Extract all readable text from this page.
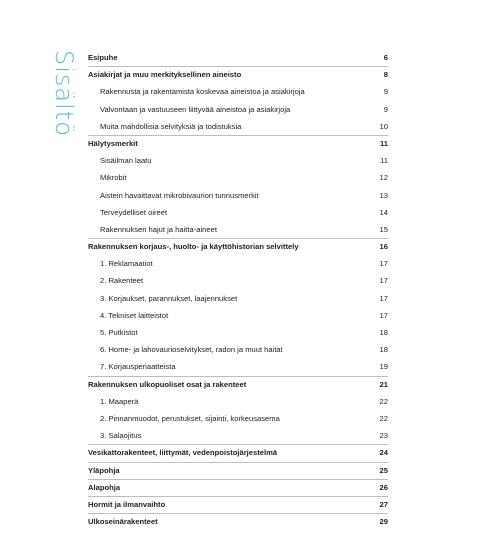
Sisältö Esipuhe	6
Asiakirjat ja muu merkityksellinen aineisto	8
Rakennusta ja rakentamista koskevaa aineistoa ja asiakirjoja	9
Valvontaan ja vastuuseen liittyvää aineistoa ja asiakirjoja	9
Muita mahdollisia selvityksiä ja todistuksia	10
Hälytysmerkit	11
Sisäilman laatu	11
Mikrobit	12
Aistein havaittavat mikrobivaurion tunnusmerkit	13
Terveydelliset oireet	14
Rakennuksen hajut ja haitta-aineet	15
Rakennuksen korjaus-, huolto- ja käyttöhistorian selvittely	16
1. Reklamaatiot	17
2. Rakenteet	17
3. Korjaukset, parannukset, laajennukset	17
4. Tekniset laitteistot	17
5. Putkistot	18
6. Home- ja lahovaurioselvitykset, radon ja muut haitat	18
7. Korjausperiaatteista	19
Rakennuksen ulkopuoliset osat ja rakenteet	21
1. Maaperä	22
2. Pinnanmuodot, perustukset, sijainti, korkeusasema	22
3. Salaojitus	23
Vesikattorakenteet, liittymät, vedenpoistojärjestelmä	24
Yläpohja	25
Alapohja	26
Hormit ja ilmanvaihto	27
Ulkoseinärakenteet	29
